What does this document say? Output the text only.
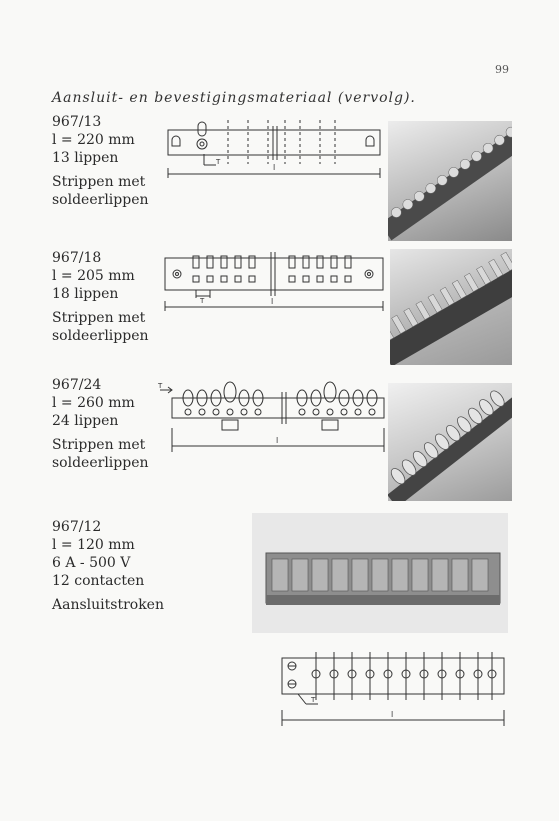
99
Aansluit- en bevestigingsmateriaal (vervolg).
967/13
l = 220 mm
13 lippen
Strippen met
soldeerlippen
T
l
967/18
l = 205 mm
18 lippen
Strippen met
soldeerlippen
T	l
967/24
l = 260 mm
24 lippen
Strippen met
soldeerlippen
T
l
967/12
l = 120 mm
6 A - 500 V
12 contacten
Aansluitstroken
T
l
